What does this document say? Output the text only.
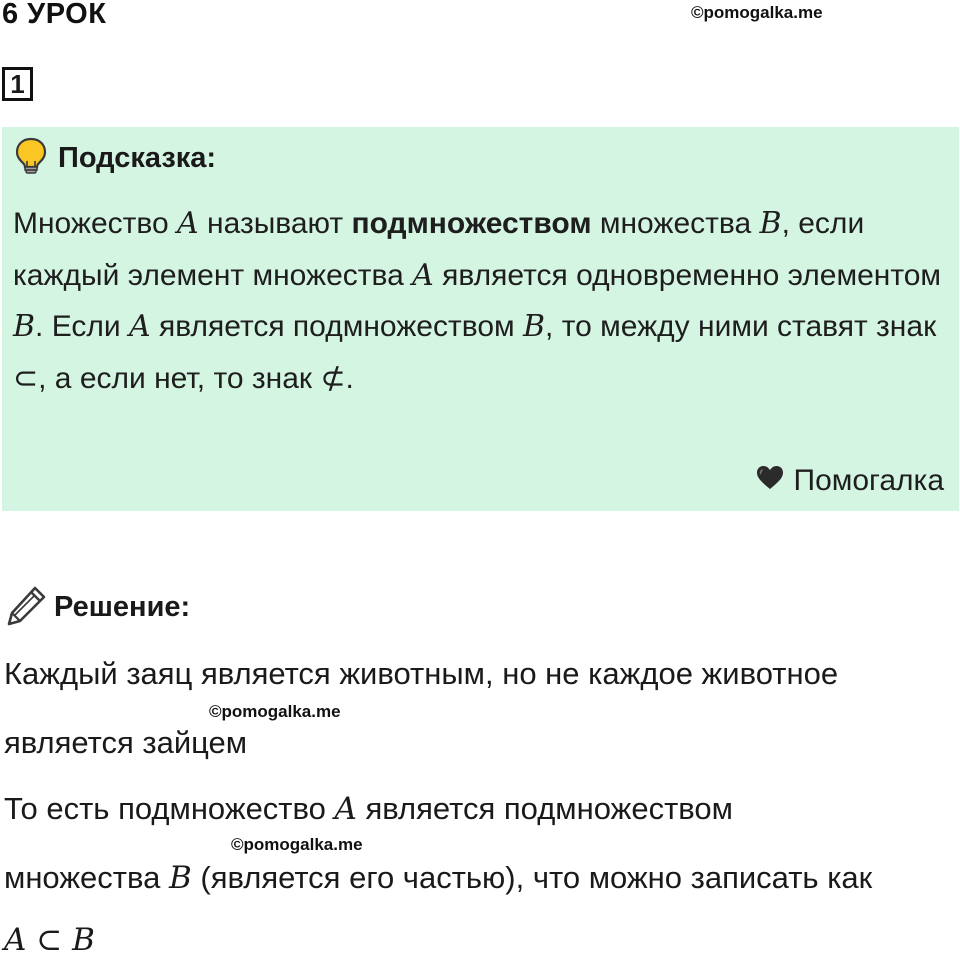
6 УРОК	©pomogalka.me
1
Подсказка:
Множество A называют подмножеством множества B, если каждый элемент множества A является одновременно элементом B. Если A является подмножеством B, то между ними ставят знак ⊂, а если нет, то знак ⊄.
Помогалка
Решение:
Каждый заяц является животным, но не каждое животное
©pomogalka.me
является зайцем
То есть подмножество A является подмножеством
©pomogalka.me
множества B (является его частью), что можно записать как
A ⊂ B
